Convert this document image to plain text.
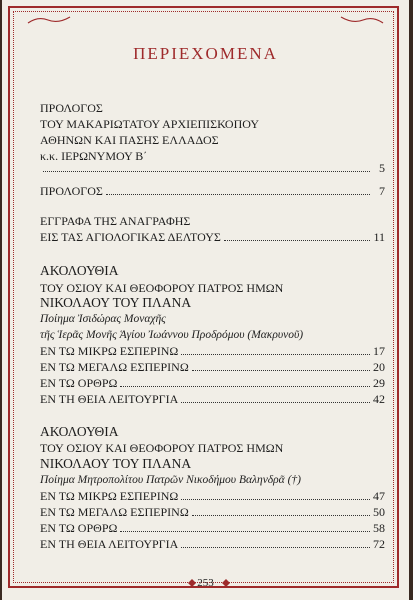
ΠΕΡΙΕΧΟΜΕΝΑ
ΠΡΟΛΟΓΟΣ
ΤΟΥ ΜΑΚΑΡΙΩΤΑΤΟΥ ΑΡΧΙΕΠΙΣΚΟΠΟΥ
ΑΘΗΝΩΝ ΚΑΙ ΠΑΣΗΣ ΕΛΛΑΔΟΣ
κ.κ. ΙΕΡΩΝΥΜΟΥ Β΄
5
ΠΡΟΛΟΓΟΣ	7
ΕΓΓΡΑΦΑ ΤΗΣ ΑΝΑΓΡΑΦΗΣ
ΕΙΣ ΤΑΣ ΑΓΙΟΛΟΓΙΚΑΣ ΔΕΛΤΟΥΣ	11
ΑΚΟΛΟΥΘΙΑ
ΤΟΥ ΟΣΙΟΥ ΚΑΙ ΘΕΟΦΟΡΟΥ ΠΑΤΡΟΣ ΗΜΩΝ
ΝΙΚΟΛΑΟΥ ΤΟΥ ΠΛΑΝΑ
Ποίημα Ἰσιδώρας Μοναχῆς
τῆς Ἱερᾶς Μονῆς Ἁγίου Ἰωάννου Προδρόμου (Μακρυνοῦ)
ΕΝ ΤΩ ΜΙΚΡΩ ΕΣΠΕΡΙΝΩ	17
ΕΝ ΤΩ ΜΕΓΑΛΩ ΕΣΠΕΡΙΝΩ	20
ΕΝ ΤΩ ΟΡΘΡΩ	29
ΕΝ ΤΗ ΘΕΙΑ ΛΕΙΤΟΥΡΓΙΑ	42
ΑΚΟΛΟΥΘΙΑ
ΤΟΥ ΟΣΙΟΥ ΚΑΙ ΘΕΟΦΟΡΟΥ ΠΑΤΡΟΣ ΗΜΩΝ
ΝΙΚΟΛΑΟΥ ΤΟΥ ΠΛΑΝΑ
Ποίημα Μητροπολίτου Πατρῶν Νικοδήμου Βαληνδρᾶ (†)
ΕΝ ΤΩ ΜΙΚΡΩ ΕΣΠΕΡΙΝΩ	47
ΕΝ ΤΩ ΜΕΓΑΛΩ ΕΣΠΕΡΙΝΩ	50
ΕΝ ΤΩ ΟΡΘΡΩ	58
ΕΝ ΤΗ ΘΕΙΑ ΛΕΙΤΟΥΡΓΙΑ	72
253
